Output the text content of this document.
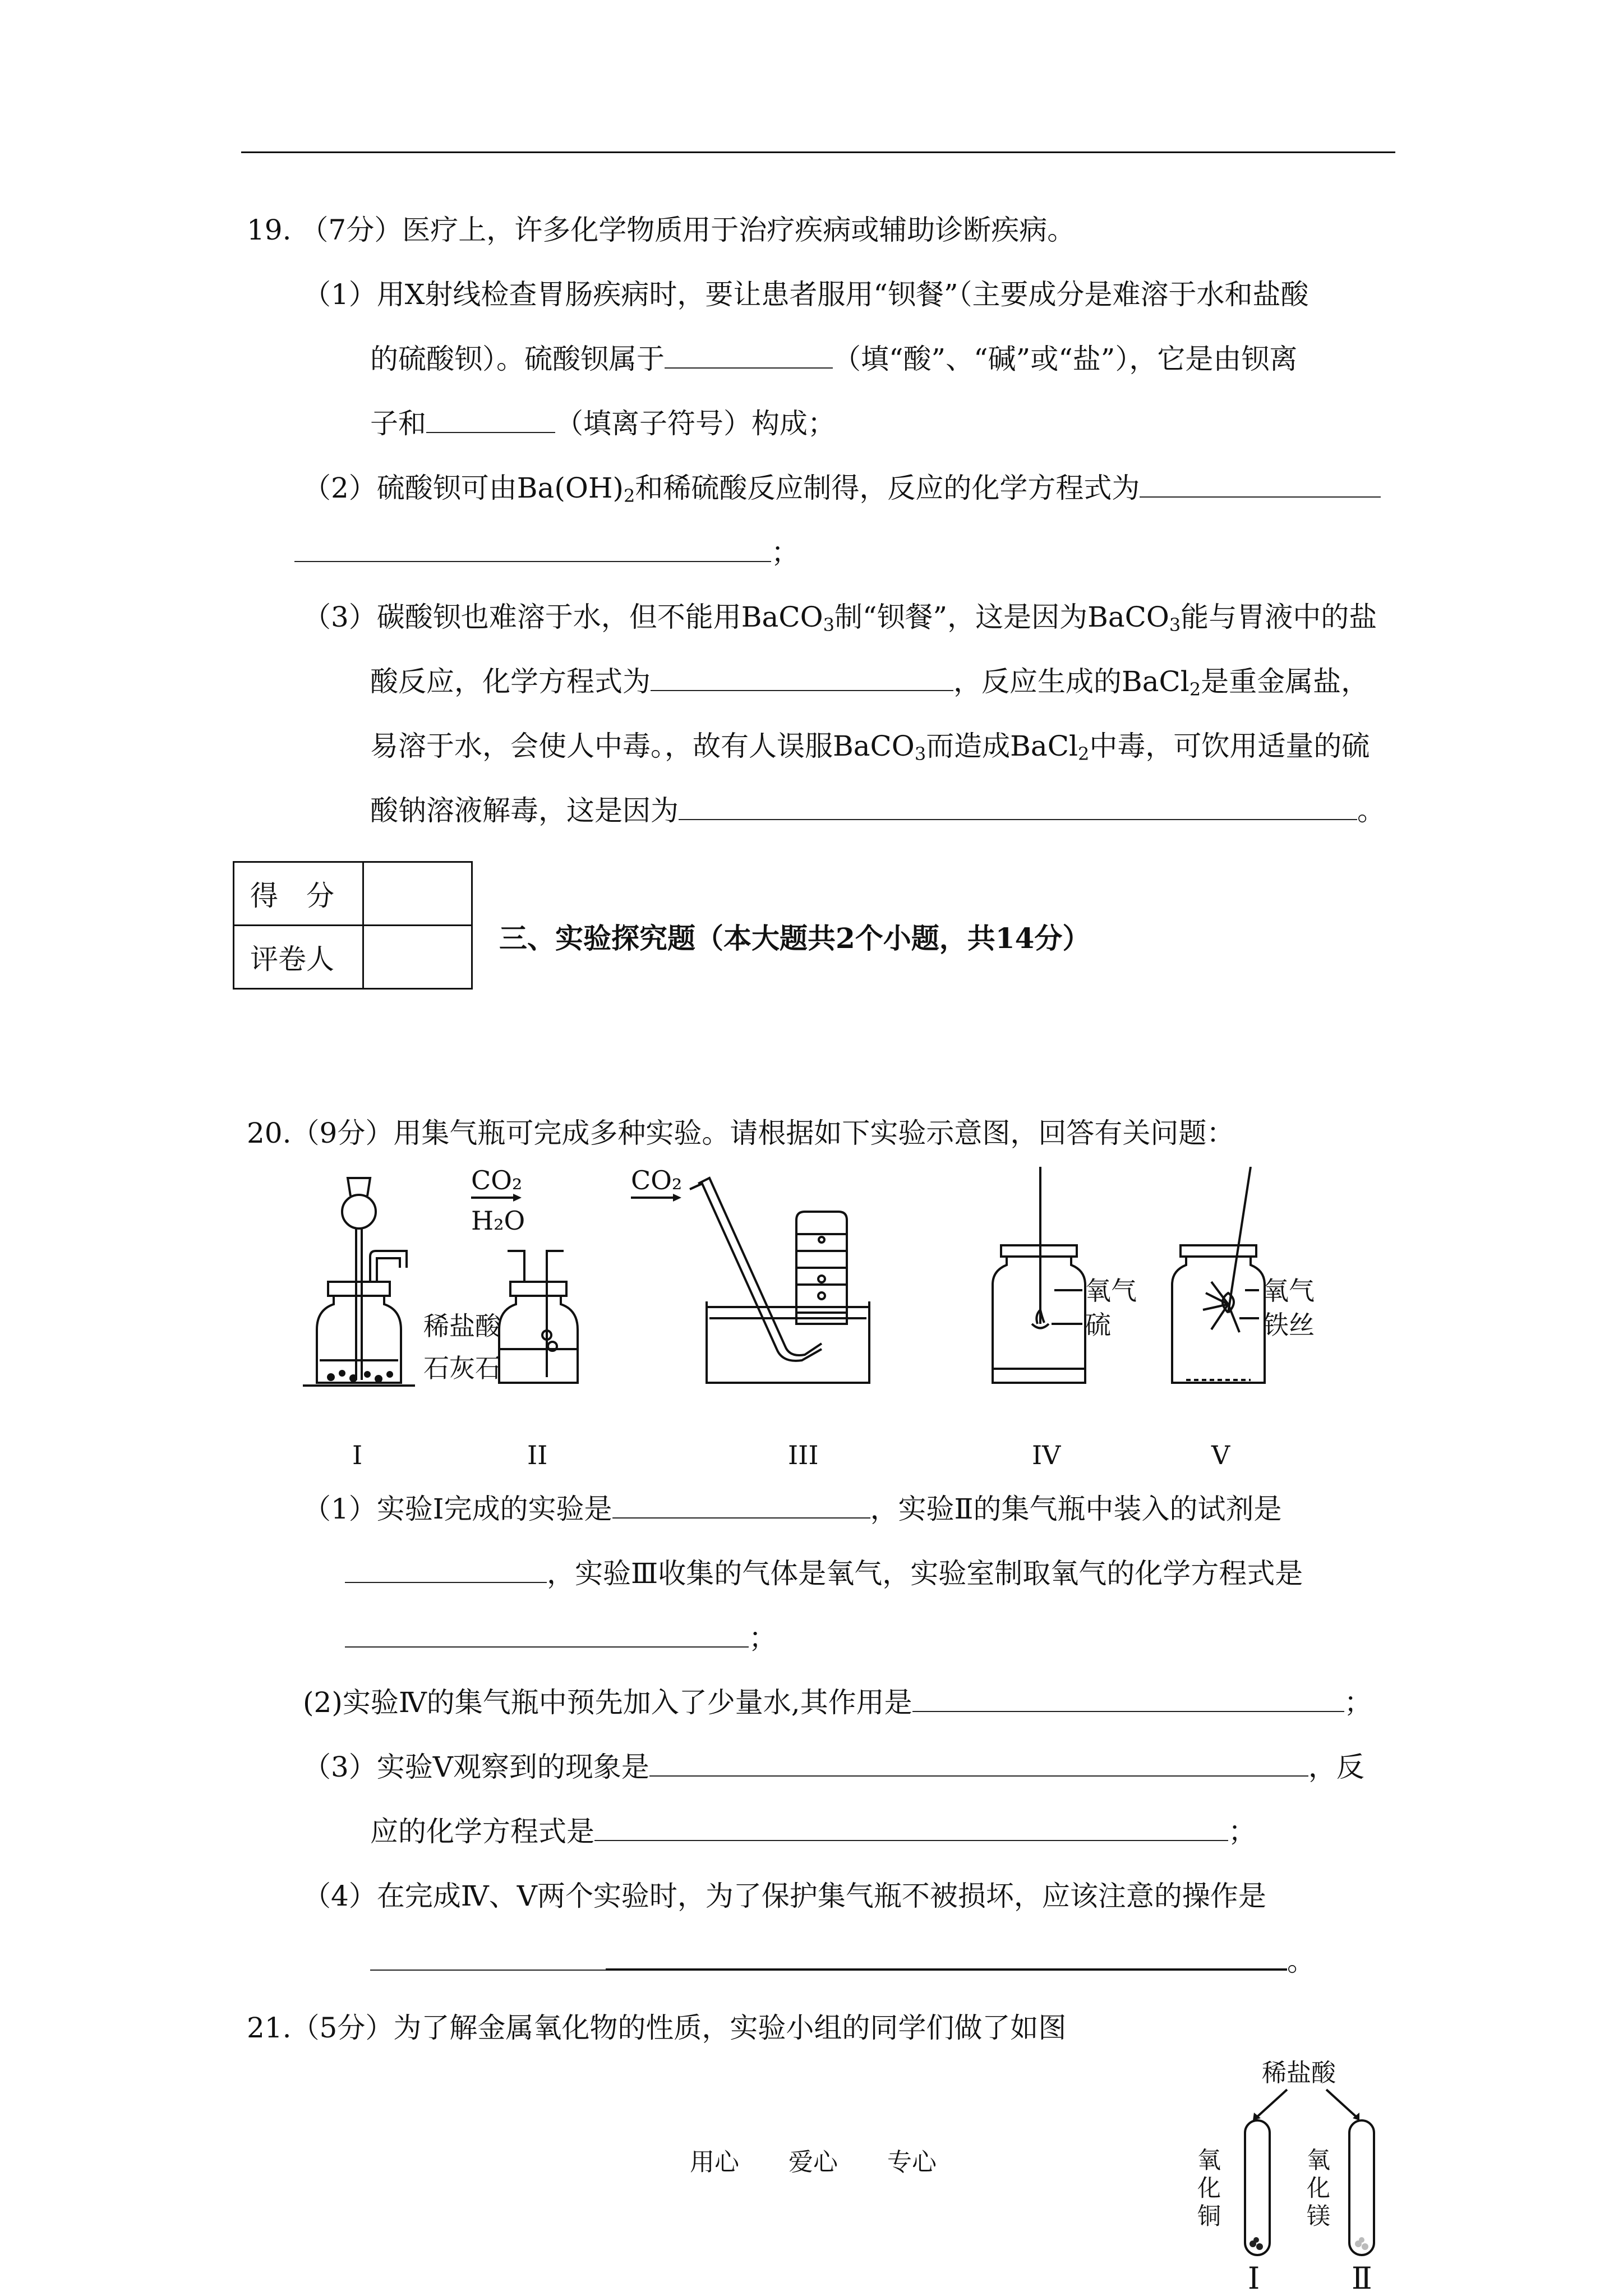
19. （7分）医疗上，许多化学物质用于治疗疾病或辅助诊断疾病。
（1）用X射线检查胃肠疾病时，要让患者服用“钡餐”（主要成分是难溶于水和盐酸
的硫酸钡）。硫酸钡属于	（填“酸”、“碱”或“盐”），它是由钡离
子和	（填离子符号）构成；
（2）硫酸钡可由$Ba(OH)_2$和稀硫酸反应制得，反应的化学方程式为
；
（3）碳酸钡也难溶于水，但不能用BaCO$_3$制“钡餐”，这是因为BaCO$_3$能与胃液中的盐
酸反应，化学方程式为	，反应生成的BaCl$_2$是重金属盐，
易溶于水，会使人中毒。，故有人误服BaCO$_3$而造成BaCl$_2$中毒，可饮用适量的硫
酸钠溶液解毒，这是因为	。
得　分	
评卷人	
三、实验探究题（本大题共2个小题，共14分）
20.（9分）用集气瓶可完成多种实验。请根据如下实验示意图，回答有关问题：
稀盐酸
石灰石
CO₂
H₂O
CO₂
氧气
硫
氧气
铁丝
I	II	III	IV	V
（1）实验Ⅰ完成的实验是	，实验Ⅱ的集气瓶中装入的试剂是
，实验Ⅲ收集的气体是氧气，实验室制取氧气的化学方程式是
；
(2)实验Ⅳ的集气瓶中预先加入了少量水,其作用是	；
（3）实验Ⅴ观察到的现象是	，反
应的化学方程式是	；
（4）在完成Ⅳ、Ⅴ两个实验时，为了保护集气瓶不被损坏，应该注意的操作是
。
21.（5分）为了解金属氧化物的性质，实验小组的同学们做了如图
稀盐酸
氧
化
铜
氧
化
镁
Ⅰ	Ⅱ
用心　　爱心　　专心
